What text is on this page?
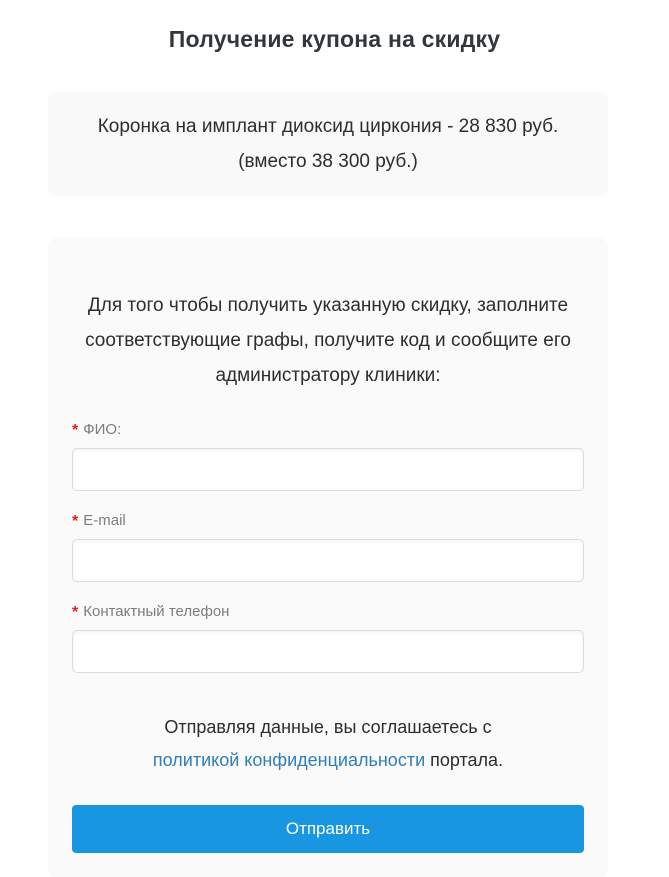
Получение купона на скидку
Коронка на имплант диоксид циркония - 28 830 руб.
(вместо 38 300 руб.)

Для того чтобы получить указанную скидку, заполните соответствующие графы, получите код и сообщите его администратору клиники:

* ФИО:
* E-mail
* Контактный телефон
Отправляя данные, вы соглашаетесь с
политикой конфиденциальности портала.
Отправить
